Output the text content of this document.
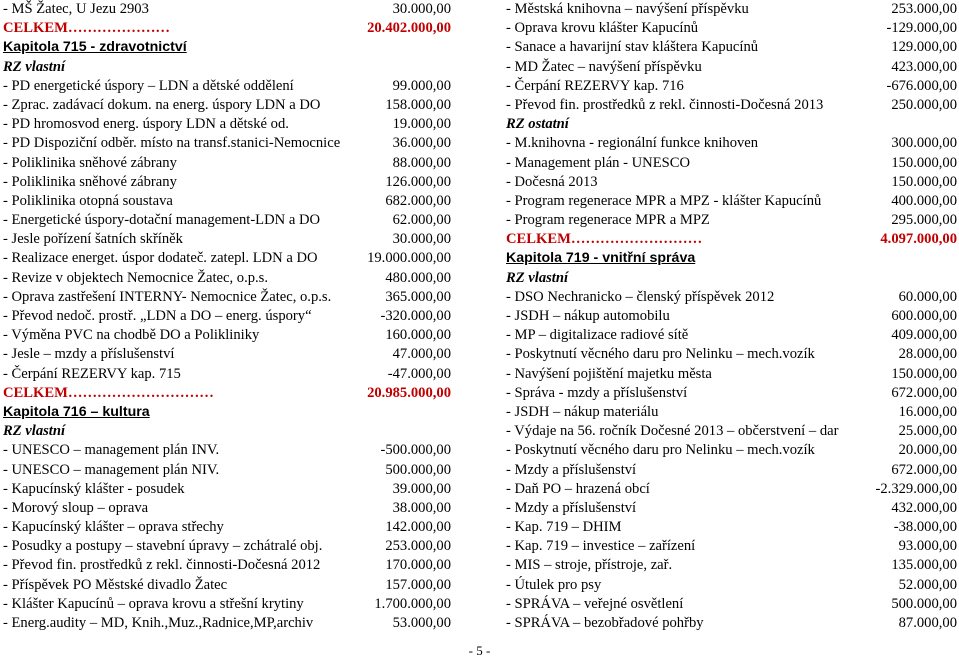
- MŠ Žatec, U Jezu 2903	30.000,00
CELKEM…………………	20.402.000,00
Kapitola 715 - zdravotnictví
RZ vlastní
- PD energetické úspory – LDN a dětské oddělení	99.000,00
- Zprac. zadávací dokum. na energ. úspory LDN a DO	158.000,00
- PD hromosvod energ. úspory LDN a dětské od.	19.000,00
- PD Dispoziční odběr. místo na transf.stanici-Nemocnice	36.000,00
- Poliklinika sněhové zábrany	88.000,00
- Poliklinika sněhové zábrany	126.000,00
- Poliklinika otopná soustava	682.000,00
- Energetické úspory-dotační management-LDN a DO	62.000,00
- Jesle pořízení šatních skříněk	30.000,00
- Realizace energet. úspor dodateč. zatepl. LDN a DO	19.000.000,00
- Revize v objektech Nemocnice Žatec, o.p.s.	480.000,00
- Oprava zastřešení INTERNY- Nemocnice Žatec, o.p.s.	365.000,00
- Převod nedoč. prostř. „LDN a DO – energ. úspory“	-320.000,00
- Výměna PVC na chodbě DO a Polikliniky	160.000,00
- Jesle – mzdy a příslušenství	47.000,00
- Čerpání REZERVY kap. 715	-47.000,00
CELKEM…………………………	20.985.000,00
Kapitola 716 – kultura
RZ vlastní
- UNESCO – management plán INV.	-500.000,00
- UNESCO – management plán NIV.	500.000,00
- Kapucínský klášter - posudek	39.000,00
- Morový sloup – oprava	38.000,00
- Kapucínský klášter – oprava střechy	142.000,00
- Posudky a postupy – stavební úpravy – zchátralé obj.	253.000,00
- Převod fin. prostředků z rekl. činnosti-Dočesná 2012	170.000,00
- Příspěvek PO Městské divadlo Žatec	157.000,00
- Klášter Kapucínů – oprava krovu a střešní krytiny	1.700.000,00
- Energ.audity – MD, Knih.,Muz.,Radnice,MP,archiv	53.000,00
- Městská knihovna – navýšení příspěvku	253.000,00
- Oprava krovu klášter Kapucínů	-129.000,00
- Sanace a havarijní stav kláštera Kapucínů	129.000,00
- MD Žatec – navýšení příspěvku	423.000,00
- Čerpání REZERVY kap. 716	-676.000,00
- Převod fin. prostředků z rekl. činnosti-Dočesná 2013	250.000,00
RZ ostatní
- M.knihovna - regionální funkce knihoven	300.000,00
- Management plán - UNESCO	150.000,00
- Dočesná 2013	150.000,00
- Program regenerace MPR a MPZ - klášter Kapucínů	400.000,00
- Program regenerace MPR a MPZ	295.000,00
CELKEM………………………	4.097.000,00
Kapitola 719 - vnitřní správa
RZ vlastní
- DSO Nechranicko – členský příspěvek 2012	60.000,00
- JSDH – nákup automobilu	600.000,00
- MP – digitalizace radiové sítě	409.000,00
- Poskytnutí věcného daru pro Nelinku – mech.vozík	28.000,00
- Navýšení pojištění majetku města	150.000,00
- Správa - mzdy a příslušenství	672.000,00
- JSDH – nákup materiálu	16.000,00
- Výdaje na 56. ročník Dočesné 2013 – občerstvení – dar	25.000,00
- Poskytnutí věcného daru pro Nelinku – mech.vozík	20.000,00
- Mzdy a příslušenství	672.000,00
- Daň PO – hrazená obcí	-2.329.000,00
- Mzdy a příslušenství	432.000,00
- Kap. 719 – DHIM	-38.000,00
- Kap. 719 – investice – zařízení	93.000,00
- MIS – stroje, přístroje, zař.	135.000,00
- Útulek pro psy	52.000,00
- SPRÁVA – veřejné osvětlení	500.000,00
- SPRÁVA – bezobřadové pohřby	87.000,00
- 5 -
